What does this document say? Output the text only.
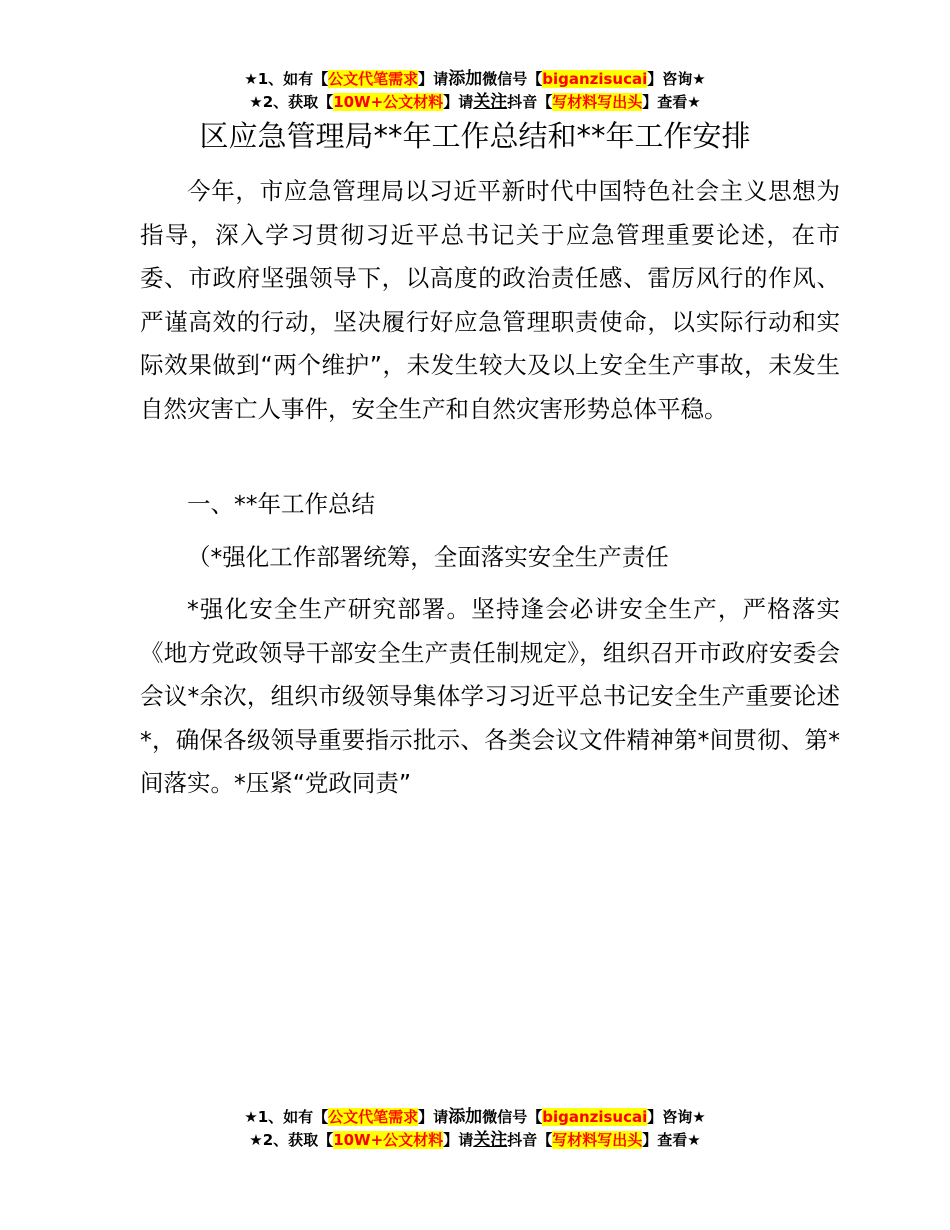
★1、如有【公文代笔需求】请添加微信号【biganzisucai】咨询★
★2、获取【10W+公文材料】请关注抖音【写材料写出头】查看★
区应急管理局**年工作总结和**年工作安排

今年，市应急管理局以习近平新时代中国特色社会主义思想为指导，深入学习贯彻习近平总书记关于应急管理重要论述，在市委、市政府坚强领导下，以高度的政治责任感、雷厉风行的作风、严谨高效的行动，坚决履行好应急管理职责使命，以实际行动和实际效果做到“两个维护”，未发生较大及以上安全生产事故，未发生自然灾害亡人事件，安全生产和自然灾害形势总体平稳。

一、**年工作总结

（*强化工作部署统筹，全面落实安全生产责任

*强化安全生产研究部署。坚持逢会必讲安全生产，严格落实《地方党政领导干部安全生产责任制规定》，组织召开市政府安委会会议*余次，组织市级领导集体学习习近平总书记安全生产重要论述*，确保各级领导重要指示批示、各类会议文件精神第*间贯彻、第*间落实。*压紧“党政同责”

★1、如有【公文代笔需求】请添加微信号【biganzisucai】咨询★
★2、获取【10W+公文材料】请关注抖音【写材料写出头】查看★
